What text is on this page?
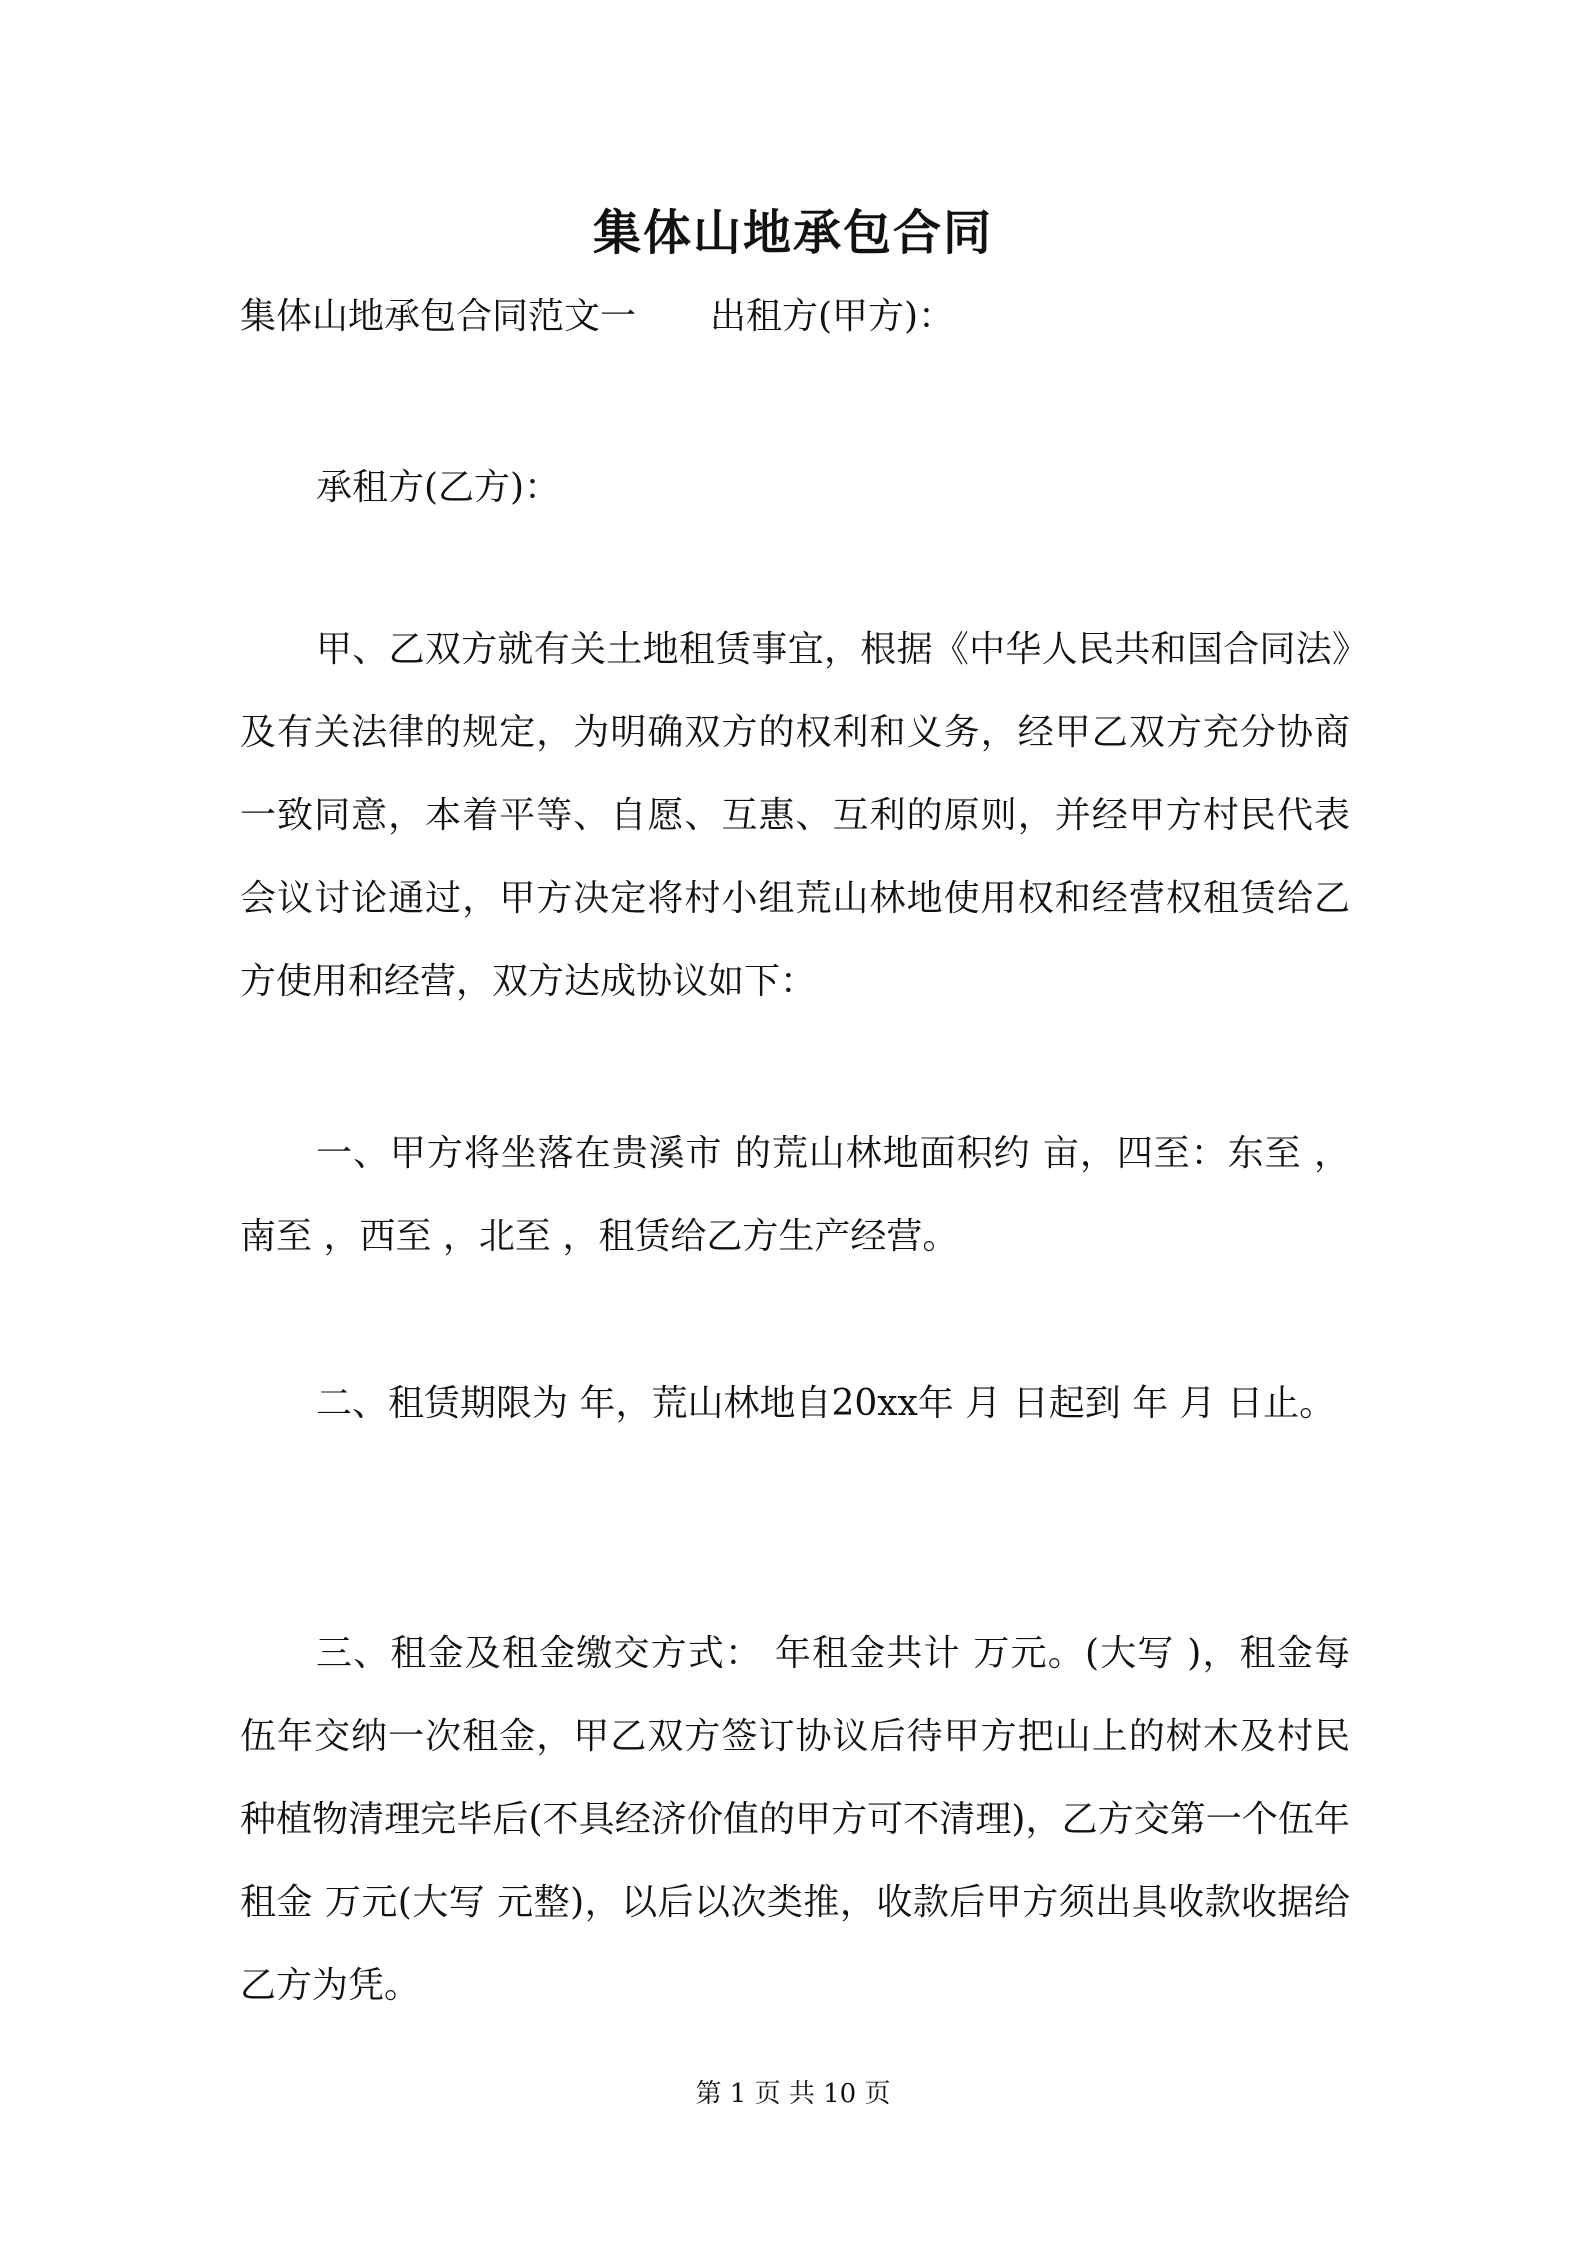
集体山地承包合同
集体山地承包合同范文一 出租方(甲方)：
承租方(乙方)：
甲、乙双方就有关土地租赁事宜，根据《中华人民共和国合同法》及有关法律的规定，为明确双方的权利和义务，经甲乙双方充分协商一致同意，本着平等、自愿、互惠、互利的原则，并经甲方村民代表会议讨论通过，甲方决定将村小组荒山林地使用权和经营权租赁给乙方使用和经营，双方达成协议如下：
一、甲方将坐落在贵溪市 的荒山林地面积约 亩，四至：东至 ，南至 ，西至 ，北至 ，租赁给乙方生产经营。
二、租赁期限为 年，荒山林地自20xx年 月 日起到 年 月 日止。
三、租金及租金缴交方式： 年租金共计 万元。(大写 )，租金每伍年交纳一次租金，甲乙双方签订协议后待甲方把山上的树木及村民种植物清理完毕后(不具经济价值的甲方可不清理)，乙方交第一个伍年租金 万元(大写 元整)，以后以次类推，收款后甲方须出具收款收据给乙方为凭。
第 1 页 共 10 页
